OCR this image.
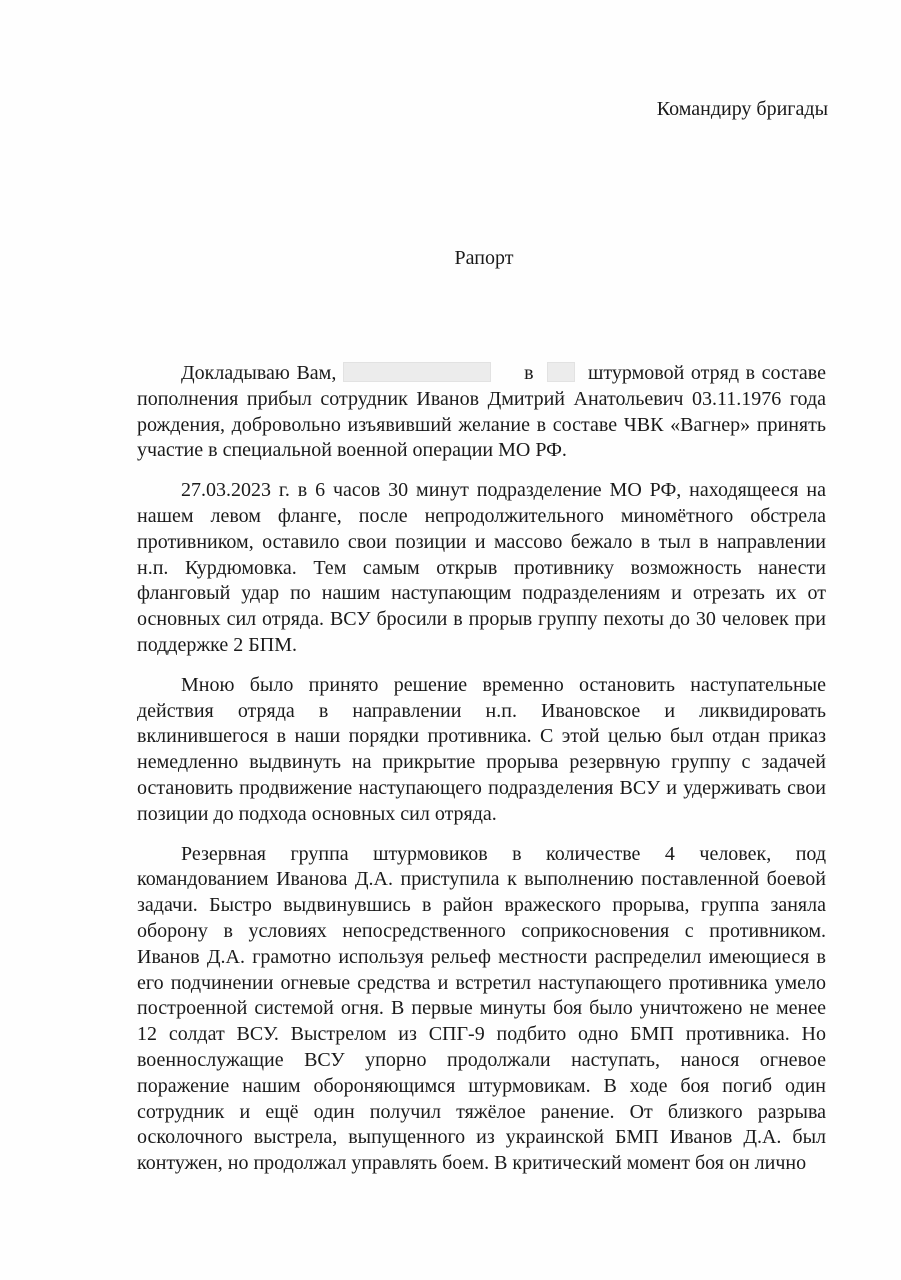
Командиру бригады
Рапорт

Докладываю Вам,	в	штурмовой отряд в составе пополнения прибыл сотрудник Иванов Дмитрий Анатольевич 03.11.1976 года рождения, добровольно изъявивший желание в составе ЧВК «Вагнер» принять участие в специальной военной операции МО РФ.

27.03.2023 г. в 6 часов 30 минут подразделение МО РФ, находящееся на нашем левом фланге, после непродолжительного миномётного обстрела противником, оставило свои позиции и массово бежало в тыл в направлении н.п. Курдюмовка. Тем самым открыв противнику возможность нанести фланговый удар по нашим наступающим подразделениям и отрезать их от основных сил отряда. ВСУ бросили в прорыв группу пехоты до 30 человек при поддержке 2 БПМ.

Мною было принято решение временно остановить наступательные действия отряда в направлении н.п. Ивановское и ликвидировать вклинившегося в наши порядки противника. С этой целью был отдан приказ немедленно выдвинуть на прикрытие прорыва резервную группу с задачей остановить продвижение наступающего подразделения ВСУ и удерживать свои позиции до подхода основных сил отряда.

Резервная группа штурмовиков в количестве 4 человек, под командованием Иванова Д.А. приступила к выполнению поставленной боевой задачи. Быстро выдвинувшись в район вражеского прорыва, группа заняла оборону в условиях непосредственного соприкосновения с противником. Иванов Д.А. грамотно используя рельеф местности распределил имеющиеся в его подчинении огневые средства и встретил наступающего противника умело построенной системой огня. В первые минуты боя было уничтожено не менее 12 солдат ВСУ. Выстрелом из СПГ-9 подбито одно БМП противника. Но военнослужащие ВСУ упорно продолжали наступать, нанося огневое поражение нашим обороняющимся штурмовикам. В ходе боя погиб один сотрудник и ещё один получил тяжёлое ранение. От близкого разрыва осколочного выстрела, выпущенного из украинской БМП Иванов Д.А. был контужен, но продолжал управлять боем. В критический момент боя он лично
